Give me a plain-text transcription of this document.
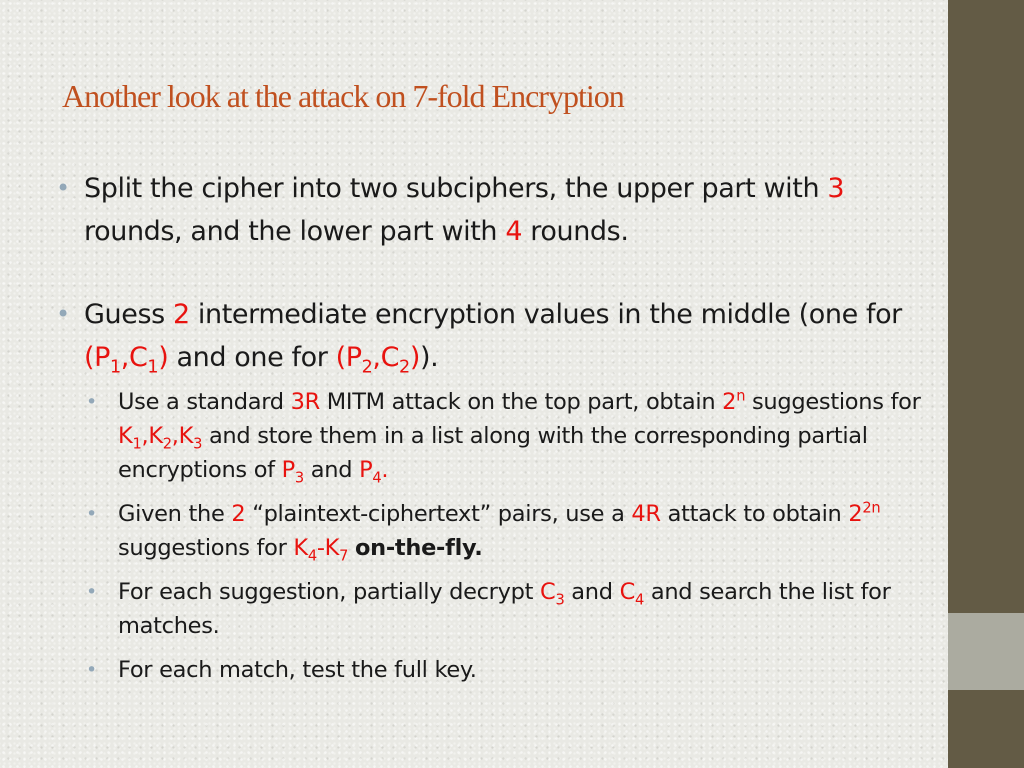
Another look at the attack on 7-fold Encryption
• Split the cipher into two subciphers, the upper part with 3 rounds, and the lower part with 4 rounds.
• Guess 2 intermediate encryption values in the middle (one for $(P_1,C_1)$ and one for $(P_2,C_2)$).
• Use a standard 3R MITM attack on the top part, obtain 2$^n$ suggestions for $K_1,K_2,K_3$ and store them in a list along with the corresponding partial encryptions of $P_3$ and $P_4$.
• Given the 2 “plaintext-ciphertext” pairs, use a 4R attack to obtain $2^{2n}$ suggestions for $K_4-K_7$ on-the-fly.
• For each suggestion, partially decrypt $C_3$ and $C_4$ and search the list for matches.
• For each match, test the full key.
